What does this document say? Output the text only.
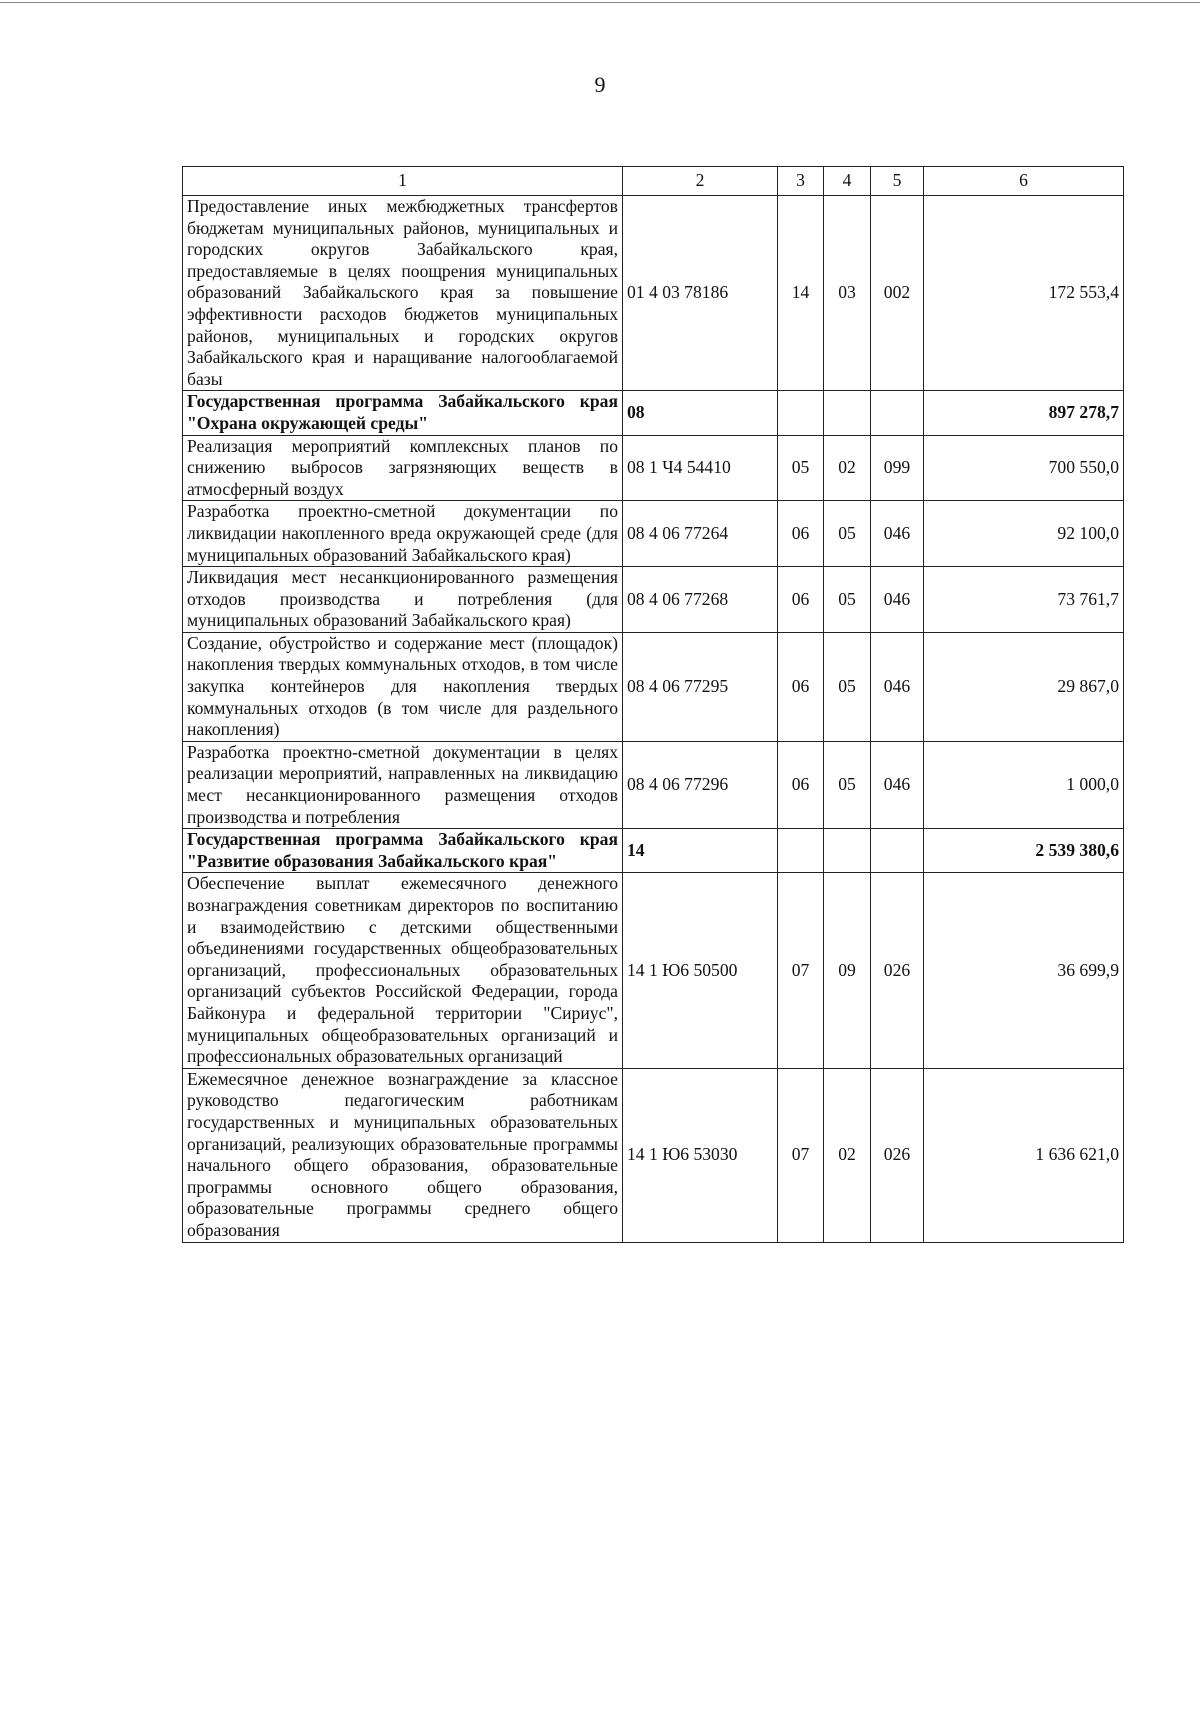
9
1	2	3	4	5	6
Предоставление иных межбюджетных трансфертов бюджетам муниципальных районов, муниципальных и городских округов Забайкальского края, предоставляемые в целях поощрения муниципальных образований Забайкальского края за повышение эффективности расходов бюджетов муниципальных районов, муниципальных и городских округов Забайкальского края и наращивание налогооблагаемой базы	01 4 03 78186	14	03	002	172 553,4
Государственная программа Забайкальского края "Охрана окружающей среды"	08				897 278,7
Реализация мероприятий комплексных планов по снижению выбросов загрязняющих веществ в атмосферный воздух	08 1 Ч4 54410	05	02	099	700 550,0
Разработка проектно-сметной документации по ликвидации накопленного вреда окружающей среде (для муниципальных образований Забайкальского края)	08 4 06 77264	06	05	046	92 100,0
Ликвидация мест несанкционированного размещения отходов производства и потребления (для муниципальных образований Забайкальского края)	08 4 06 77268	06	05	046	73 761,7
Создание, обустройство и содержание мест (площадок) накопления твердых коммунальных отходов, в том числе закупка контейнеров для накопления твердых коммунальных отходов (в том числе для раздельного накопления)	08 4 06 77295	06	05	046	29 867,0
Разработка проектно-сметной документации в целях реализации мероприятий, направленных на ликвидацию мест несанкционированного размещения отходов производства и потребления	08 4 06 77296	06	05	046	1 000,0
Государственная программа Забайкальского края "Развитие образования Забайкальского края"	14				2 539 380,6
Обеспечение выплат ежемесячного денежного вознаграждения советникам директоров по воспитанию и взаимодействию с детскими общественными объединениями государственных общеобразовательных организаций, профессиональных образовательных организаций субъектов Российской Федерации, города Байконура и федеральной территории "Сириус", муниципальных общеобразовательных организаций и профессиональных образовательных организаций	14 1 Ю6 50500	07	09	026	36 699,9
Ежемесячное денежное вознаграждение за классное руководство педагогическим работникам государственных и муниципальных образовательных организаций, реализующих образовательные программы начального общего образования, образовательные программы основного общего образования, образовательные программы среднего общего образования	14 1 Ю6 53030	07	02	026	1 636 621,0
